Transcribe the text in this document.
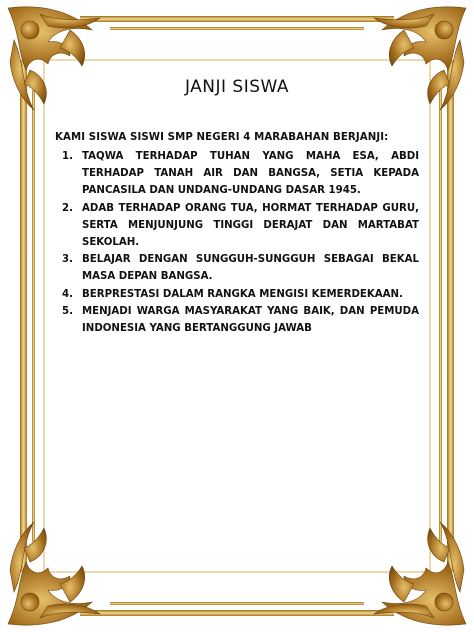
JANJI SISWA
KAMI SISWA SISWI SMP NEGERI 4 MARABAHAN BERJANJI:
1. TAQWA TERHADAP TUHAN YANG MAHA ESA, ABDI TERHADAP TANAH AIR DAN BANGSA, SETIA KEPADA PANCASILA DAN UNDANG-UNDANG DASAR 1945.
2. ADAB TERHADAP ORANG TUA, HORMAT TERHADAP GURU, SERTA MENJUNJUNG TINGGI DERAJAT DAN MARTABAT SEKOLAH.
3. BELAJAR DENGAN SUNGGUH-SUNGGUH SEBAGAI BEKAL MASA DEPAN BANGSA.
4. BERPRESTASI DALAM RANGKA MENGISI KEMERDEKAAN.
5. MENJADI WARGA MASYARAKAT YANG BAIK, DAN PEMUDA INDONESIA YANG BERTANGGUNG JAWAB
